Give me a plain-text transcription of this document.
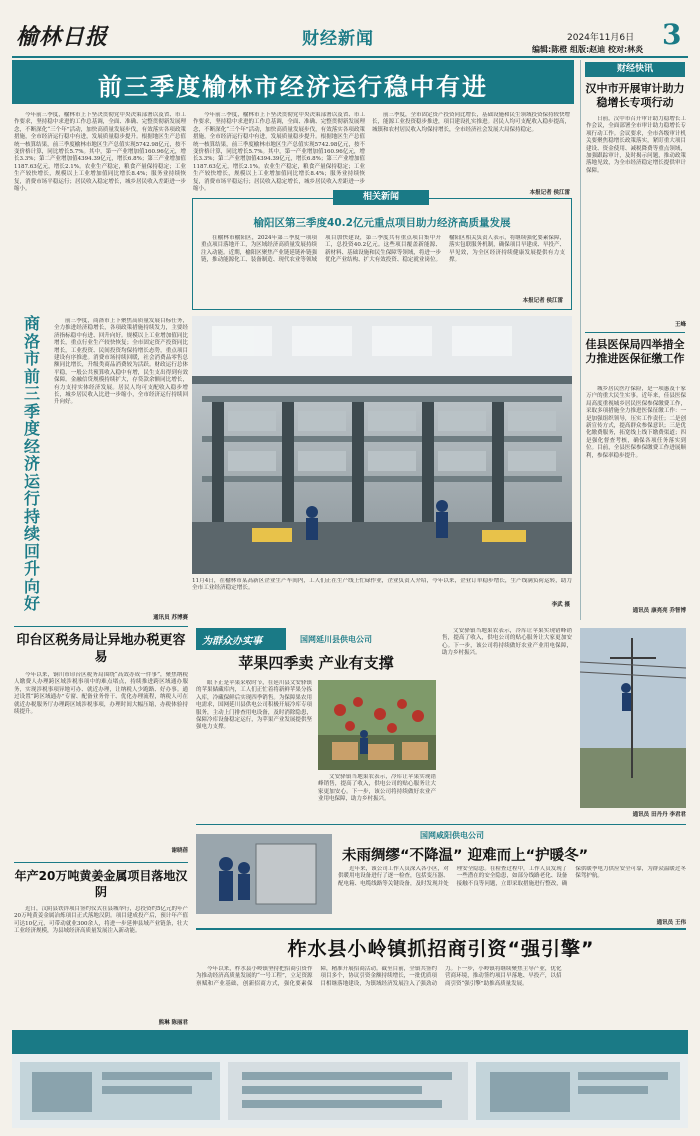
榆林日报	财经新闻	2024年11月6日 3
编辑:陈橙 组版:赵迪 校对:林炎
前三季度榆林市经济运行稳中有进

今年前三季度，榆林市上下坚决贯彻党中央决策部署以及省、市工作要求，坚持稳中求进的工作总基调，全面、准确、完整贯彻新发展理念，不断深化“三个年”活动，加快高质量发展步伐，有效落实各项政策措施，全市经济运行稳中有进，发展质量稳步提升。根据地区生产总值统一核算结果，前三季度榆林市地区生产总值实现5742.98亿元，按不变价格计算，同比增长5.7%。其中，第一产业增加值160.96亿元，增长3.3%；第二产业增加值4394.39亿元，增长6.8%；第三产业增加值1187.63亿元，增长2.1%。农业生产稳定，粮食产量保持稳定；工业生产较快增长，规模以上工业增加值同比增长8.4%；服务业持续恢复，消费市场平稳运行；居民收入稳定增长，城乡居民收入差距进一步缩小。

今年前三季度，榆林市上下坚决贯彻党中央决策部署以及省、市工作要求，坚持稳中求进的工作总基调，全面、准确、完整贯彻新发展理念，不断深化“三个年”活动，加快高质量发展步伐，有效落实各项政策措施，全市经济运行稳中有进，发展质量稳步提升。根据地区生产总值统一核算结果，前三季度榆林市地区生产总值实现5742.98亿元，按不变价格计算，同比增长5.7%。其中，第一产业增加值160.96亿元，增长3.3%；第二产业增加值4394.39亿元，增长6.8%；第三产业增加值1187.63亿元，增长2.1%。农业生产稳定，粮食产量保持稳定；工业生产较快增长，规模以上工业增加值同比增长8.4%；服务业持续恢复，消费市场平稳运行；居民收入稳定增长，城乡居民收入差距进一步缩小。

前三季度，全市固定资产投资同比增长，基础设施和民生领域投资保持较快增长，能源工业投资稳步推进，项目建设扎实推进。居民人均可支配收入稳步提高，城镇和农村居民收入均保持增长，全市经济社会发展大局保持稳定。

本报记者 侯江雷
相关新闻
榆阳区第三季度40.2亿元重点项目助力经济高质量发展

在榆林市榆阳区，2024年第三季度一项项重点项目落地开工，为区域经济高质量发展持续注入动能。近期，榆阳区聚焦产业链延链补链强链，推动能源化工、装备制造、现代农业等领域项目加快建设，第三季度共有重点项目集中开工，总投资40.2亿元。这些项目覆盖新能源、新材料、基础设施和民生保障等领域，将进一步优化产业结构、扩大有效投资、稳定就业岗位。榆阳区相关负责人表示，将继续强化要素保障，落实包联服务机制，确保项目早建成、早投产、早见效，为全区经济持续健康发展提供有力支撑。

本报记者 侯江雷
商
洛
市
前
三
季
度
经
济
运
行
持
续
回
升
向
好

前三季度，商洛市上下聚焦高质量发展目标任务，全力推进经济稳增长，各项政策措施持续发力，主要经济指标稳中有进、回升向好。规模以上工业增加值同比增长，重点行业生产较快恢复；全市固定资产投资同比增长，工业投资、民间投资均保持增长态势，重点项目建设有序推进。消费市场持续回暖，社会消费品零售总额同比增长，升级类商品消费较为活跃。财政运行总体平稳，一般公共预算收入稳中有增，民生支出得到有效保障。金融信贷规模持续扩大，存贷款余额同比增长，有力支持实体经济发展。居民人均可支配收入稳步增长，城乡居民收入比进一步缩小，全市经济运行持续回升向好。

通讯员 苏博赛

11月4日，在榆林市某高新区企业生产车间内，工人们正在生产线上忙碌作业，企业负责人介绍，今年以来，企业订单稳步增长，生产线满负荷运转，助力全市工业经济稳定增长。

李武 摄
财经快讯
汉中市开展审计助力稳增长专项行动

日前，汉中市召开审计助力稳增长工作会议，全面部署全市审计助力稳增长专项行动工作。会议要求，全市各级审计机关要聚焦稳增长政策落实，紧盯重大项目建设、资金使用、减税降费等重点领域，加强跟踪审计，及时揭示问题，推动政策落地见效，为全市经济稳定增长提供审计保障。

王峰
佳县医保局四举措全力推进医保征缴工作

城乡居民医疗保险，是一项惠及千家万户的重大民生实事。近年来，佳县医保局高度重视城乡居民医保参保缴费工作，采取多项措施全力推进医保征缴工作：一是加强组织领导，压实工作责任；二是创新宣传方式，提高群众参保意识；三是优化缴费服务，拓宽线上线下缴费渠道；四是强化督查考核，确保各项任务落实到位。目前，全县医保参保缴费工作进展顺利，参保率稳步提升。

通讯员 康亮亮 乔智博
印台区税务局让异地办税更容易

今年以来，铜川市印台区税务局围绕“高效办成一件事”，聚焦纳税人缴费人办理跨区域涉税事项中的难点堵点，持续推进跨区域通办服务，实现涉税事项异地可办、就近办理，让纳税人少跑路、好办事。通过设置“跨区域通办”专窗、配备业务骨干、优化办理流程，纳税人可在就近办税服务厅办理跨区域涉税事项，办理时间大幅压缩，办税体验持续提升。

谢晓蓓
年产20万吨黄姜金属项目落地汉阴

近日，汉阴县铁锌项目签约仪式在县城举行，总投资约5亿元的年产20万吨黄姜金属冶炼项目正式落地汉阴。项目建成投产后，预计年产值可达10亿元，可带动就业300余人，将进一步延伸县域产业链条，壮大工业经济规模，为县域经济高质量发展注入新动能。

熊琳 陈丽君
为群众办实事	国网延川县供电公司
苹果四季卖 产业有支撑

眼下正是苹果采收时节，在延川县文安驿镇的苹果储藏库内，工人们正忙着将新鲜苹果分拣入库，冷藏保鲜后实现四季销售。为保障果农用电需求，国网延川县供电公司积极开展冷库专项服务，主动上门排查用电设备，及时消除隐患，保障冷库设备稳定运行，为苹果产业发展提供坚强电力支撑。

文安驿镇当地果农表示，冷库让苹果实现错峰销售，提高了收入，供电公司的贴心服务让大家更加安心。下一步，该公司将持续做好农业产业用电保障，助力乡村振兴。

文安驿镇当地果农表示，冷库让苹果实现错峰销售，提高了收入，供电公司的贴心服务让大家更加安心。下一步，该公司将持续做好农业产业用电保障，助力乡村振兴。

通讯员 田丹丹 李君君
国网咸阳供电公司
未雨绸缪“不降温” 迎难而上“护暖冬”

近年来，该公司工作人员深入各小区，对供暖用电设备进行了逐一检查，包括变压器、配电箱、电缆线路等关键设备，及时发现并处理安全隐患。在检查过程中，工作人员发现了一些潜在的安全隐患，如部分线路老化、设备接触不良等问题，立即采取措施进行整改，确保供暖季电力供应安全可靠，为群众温暖过冬保驾护航。

通讯员 王伟
柞水县小岭镇抓招商引资“强引擎”

今年以来，柞水县小岭镇坚持把招商引资作为推动经济高质量发展的“一号工程”，立足资源禀赋和产业基础，创新招商方式，强化要素保障，精准开展招商活动。截至目前，全镇共签约项目多个，协议引资金额持续增长，一批优质项目相继落地建设，为镇域经济发展注入了强劲动力。下一步，小岭镇将继续聚焦主导产业，优化营商环境，推动签约项目早落地、早投产，以招商引资“强引擎”助推高质量发展。
